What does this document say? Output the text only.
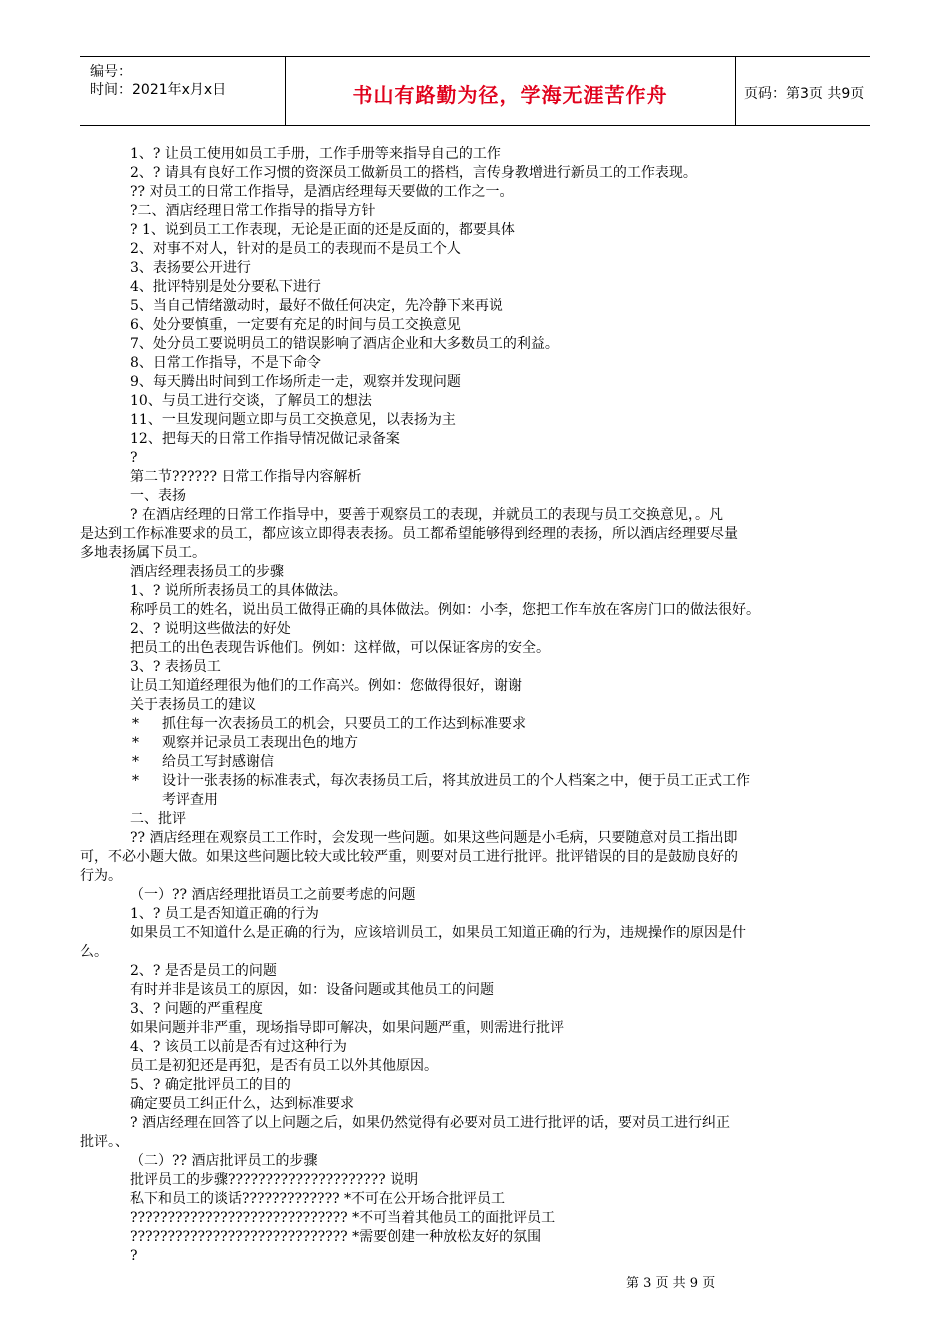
编号：
时间：2021年x月x日	书山有路勤为径，学海无涯苦作舟	页码：第3页 共9页
1、? 让员工使用如员工手册，工作手册等来指导自己的工作
2、? 请具有良好工作习惯的资深员工做新员工的搭档，言传身教增进行新员工的工作表现。
?? 对员工的日常工作指导，是酒店经理每天要做的工作之一。
?二、酒店经理日常工作指导的指导方针
? 1、说到员工工作表现，无论是正面的还是反面的，都要具体
2、对事不对人，针对的是员工的表现而不是员工个人
3、表扬要公开进行
4、批评特别是处分要私下进行
5、当自己情绪激动时，最好不做任何决定，先冷静下来再说
6、处分要慎重，一定要有充足的时间与员工交换意见
7、处分员工要说明员工的错误影响了酒店企业和大多数员工的利益。
8、日常工作指导，不是下命令
9、每天腾出时间到工作场所走一走，观察并发现问题
10、与员工进行交谈，了解员工的想法
11、一旦发现问题立即与员工交换意见，以表扬为主
12、把每天的日常工作指导情况做记录备案
?
第二节?????? 日常工作指导内容解析
一、表扬
? 在酒店经理的日常工作指导中，要善于观察员工的表现，并就员工的表现与员工交换意见，。凡
是达到工作标准要求的员工，都应该立即得表表扬。员工都希望能够得到经理的表扬，所以酒店经理要尽量
多地表扬属下员工。
酒店经理表扬员工的步骤
1、? 说所所表扬员工的具体做法。
称呼员工的姓名，说出员工做得正确的具体做法。例如：小李，您把工作车放在客房门口的做法很好。
2、? 说明这些做法的好处
把员工的出色表现告诉他们。例如：这样做，可以保证客房的安全。
3、? 表扬员工
让员工知道经理很为他们的工作高兴。例如：您做得很好，谢谢
关于表扬员工的建议
* 抓住每一次表扬员工的机会，只要员工的工作达到标准要求
* 观察并记录员工表现出色的地方
* 给员工写封感谢信
* 设计一张表扬的标准表式，每次表扬员工后，将其放进员工的个人档案之中，便于员工正式工作
考评查用
二、批评
?? 酒店经理在观察员工工作时，会发现一些问题。如果这些问题是小毛病，只要随意对员工指出即
可，不必小题大做。如果这些问题比较大或比较严重，则要对员工进行批评。批评错误的目的是鼓励良好的
行为。
（一）?? 酒店经理批语员工之前要考虑的问题
1、? 员工是否知道正确的行为
如果员工不知道什么是正确的行为，应该培训员工，如果员工知道正确的行为，违规操作的原因是什
么。
2、? 是否是员工的问题
有时并非是该员工的原因，如：设备问题或其他员工的问题
3、? 问题的严重程度
如果问题并非严重，现场指导即可解决，如果问题严重，则需进行批评
4、? 该员工以前是否有过这种行为
员工是初犯还是再犯，是否有员工以外其他原因。
5、? 确定批评员工的目的
确定要员工纠正什么，达到标准要求
? 酒店经理在回答了以上问题之后，如果仍然觉得有必要对员工进行批评的话，要对员工进行纠正
批评。、
（二）?? 酒店批评员工的步骤
批评员工的步骤????????????????????? 说明
私下和员工的谈话????????????? *不可在公开场合批评员工
????????????????????????????? *不可当着其他员工的面批评员工
????????????????????????????? *需要创建一种放松友好的氛围
?
第 3 页 共 9 页
